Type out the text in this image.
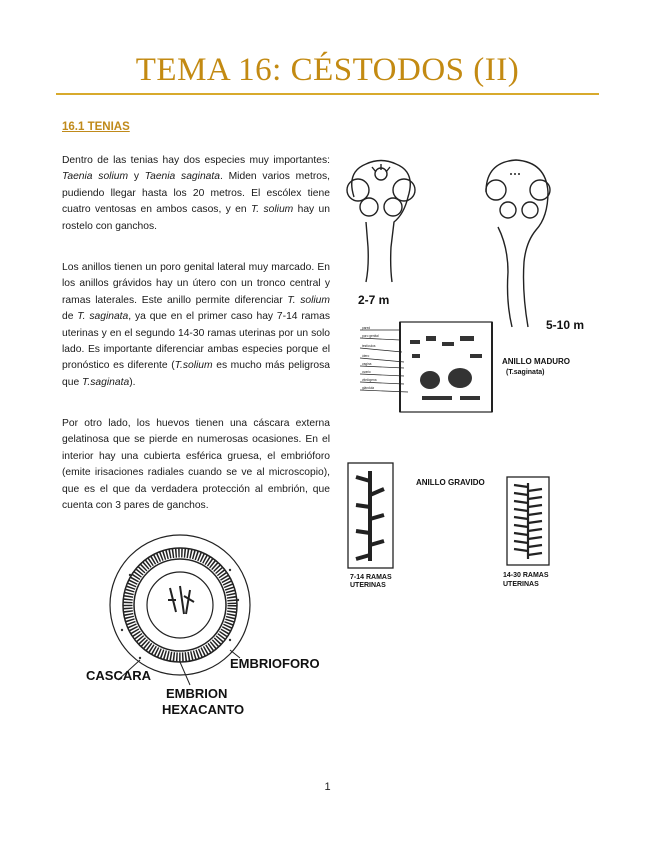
TEMA 16: CÉSTODOS (II)
16.1 TENIAS

Dentro de las tenias hay dos especies muy importantes: Taenia solium y Taenia saginata. Miden varios metros, pudiendo llegar hasta los 20 metros. El escólex tiene cuatro ventosas en ambos casos, y en T. solium hay un rostelo con ganchos.

Los anillos tienen un poro genital lateral muy marcado. En los anillos grávidos hay un útero con un tronco central y ramas laterales. Este anillo permite diferenciar T. solium de T. saginata, ya que en el primer caso hay 7-14 ramas uterinas y en el segundo 14-30 ramas uterinas por un solo lado. Es importante diferenciar ambas especies porque el pronóstico es diferente (T.solium es mucho más peligrosa que T.saginata).

Por otro lado, los huevos tienen una cáscara externa gelatinosa que se pierde en numerosas ocasiones. En el interior hay una cubierta esférica gruesa, el embrióforo (emite irisaciones radiales cuando se ve al microscopio), que es el que da verdadera protección al embrión, que cuenta con 3 pares de ganchos.

2-7 m
5-10 m
pared
poro genital
testículos
útero
vagina
ovario
vitelógena
glándula
ANILLO MADURO
(T.saginata)
ANILLO GRAVIDO
7-14 RAMAS
UTERINAS
14-30 RAMAS
UTERINAS
CASCARA
EMBRIOFORO
EMBRION
HEXACANTO
1
